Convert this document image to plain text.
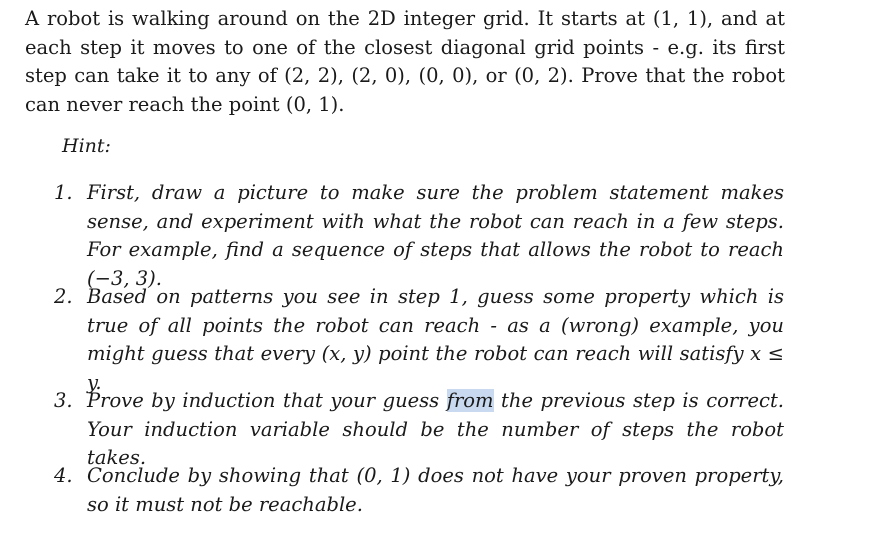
A robot is walking around on the 2D integer grid. It starts at (1, 1), and at each step it moves to one of the closest diagonal grid points - e.g. its first step can take it to any of (2, 2), (2, 0), (0, 0), or (0, 2). Prove that the robot can never reach the point (0, 1).

Hint:

1. First, draw a picture to make sure the problem statement makes sense, and experiment with what the robot can reach in a few steps. For example, find a sequence of steps that allows the robot to reach (−3, 3).
2. Based on patterns you see in step 1, guess some property which is true of all points the robot can reach - as a (wrong) example, you might guess that every (x, y) point the robot can reach will satisfy x ≤ y.
3. Prove by induction that your guess from the previous step is correct. Your induction variable should be the number of steps the robot takes.
4. Conclude by showing that (0, 1) does not have your proven property, so it must not be reachable.
